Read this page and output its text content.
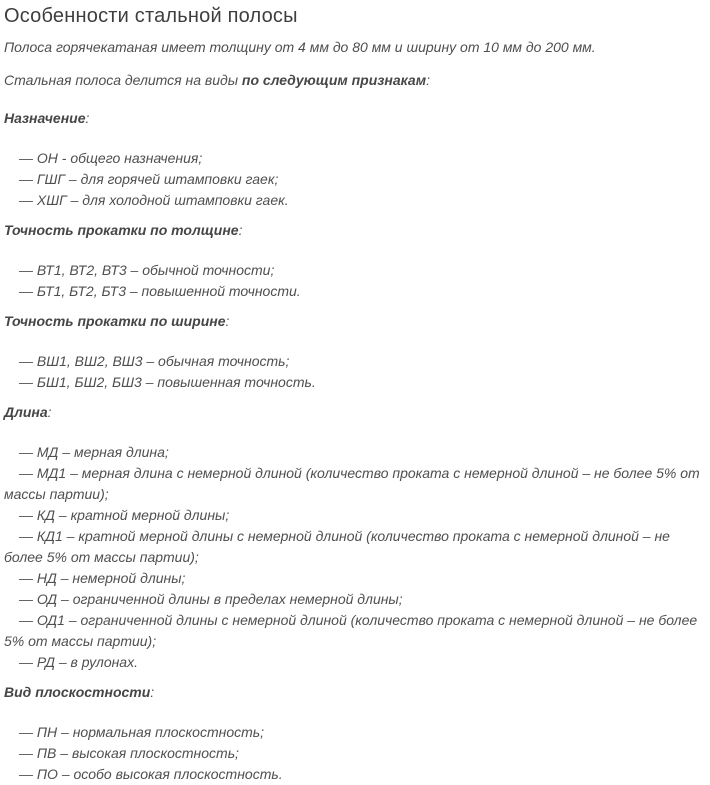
Особенности стальной полосы

Полоса горячекатаная имеет толщину от 4 мм до 80 мм и ширину от 10 мм до 200 мм.

Стальная полоса делится на виды по следующим признакам:

Назначение:

— ОН - общего назначения;

— ГШГ – для горячей штамповки гаек;

— ХШГ – для холодной штамповки гаек.

Точность прокатки по толщине:

— ВТ1, ВТ2, ВТ3 – обычной точности;

— БТ1, БТ2, БТ3 – повышенной точности.

Точность прокатки по ширине:

— ВШ1, ВШ2, ВШ3 – обычная точность;

— БШ1, БШ2, БШ3 – повышенная точность.

Длина:

— МД – мерная длина;

— МД1 – мерная длина с немерной длиной (количество проката с немерной длиной – не более 5% от массы партии);

— КД – кратной мерной длины;

— КД1 – кратной мерной длины с немерной длиной (количество проката с немерной длиной – не более 5% от массы партии);

— НД – немерной длины;

— ОД – ограниченной длины в пределах немерной длины;

— ОД1 – ограниченной длины с немерной длиной (количество проката с немерной длиной – не более 5% от массы партии);

— РД – в рулонах.

Вид плоскостности:

— ПН – нормальная плоскостность;

— ПВ – высокая плоскостность;

— ПО – особо высокая плоскостность.
